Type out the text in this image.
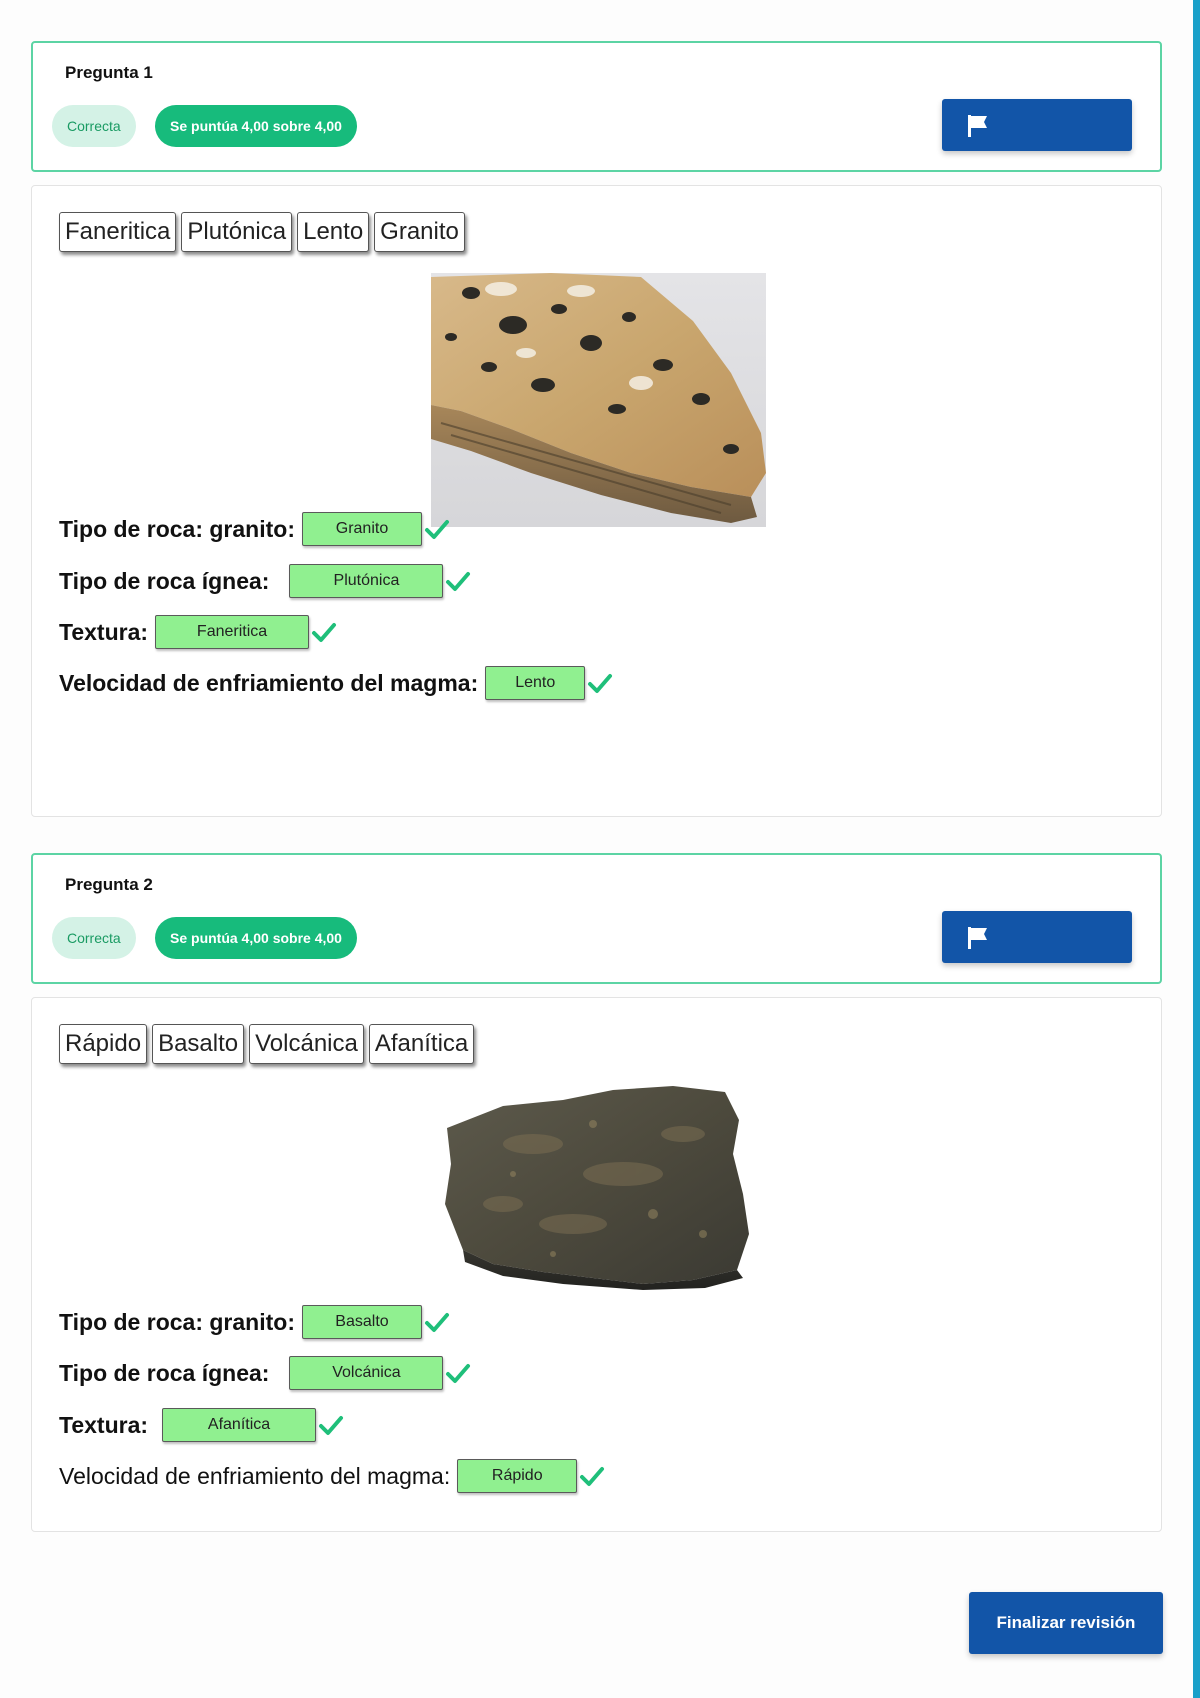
Pregunta 1
Correcta	Se puntúa 4,00 sobre 4,00
Faneritica Plutónica Lento Granito
Tipo de roca: granito:	Granito
Tipo de roca ígnea:	Plutónica
Textura:	Faneritica
Velocidad de enfriamiento del magma:	Lento
Pregunta 2
Correcta	Se puntúa 4,00 sobre 4,00
Rápido Basalto Volcánica Afanítica
Tipo de roca: granito:	Basalto
Tipo de roca ígnea:	Volcánica
Textura:	Afanítica
Velocidad de enfriamiento del magma:	Rápido
Finalizar revisión
